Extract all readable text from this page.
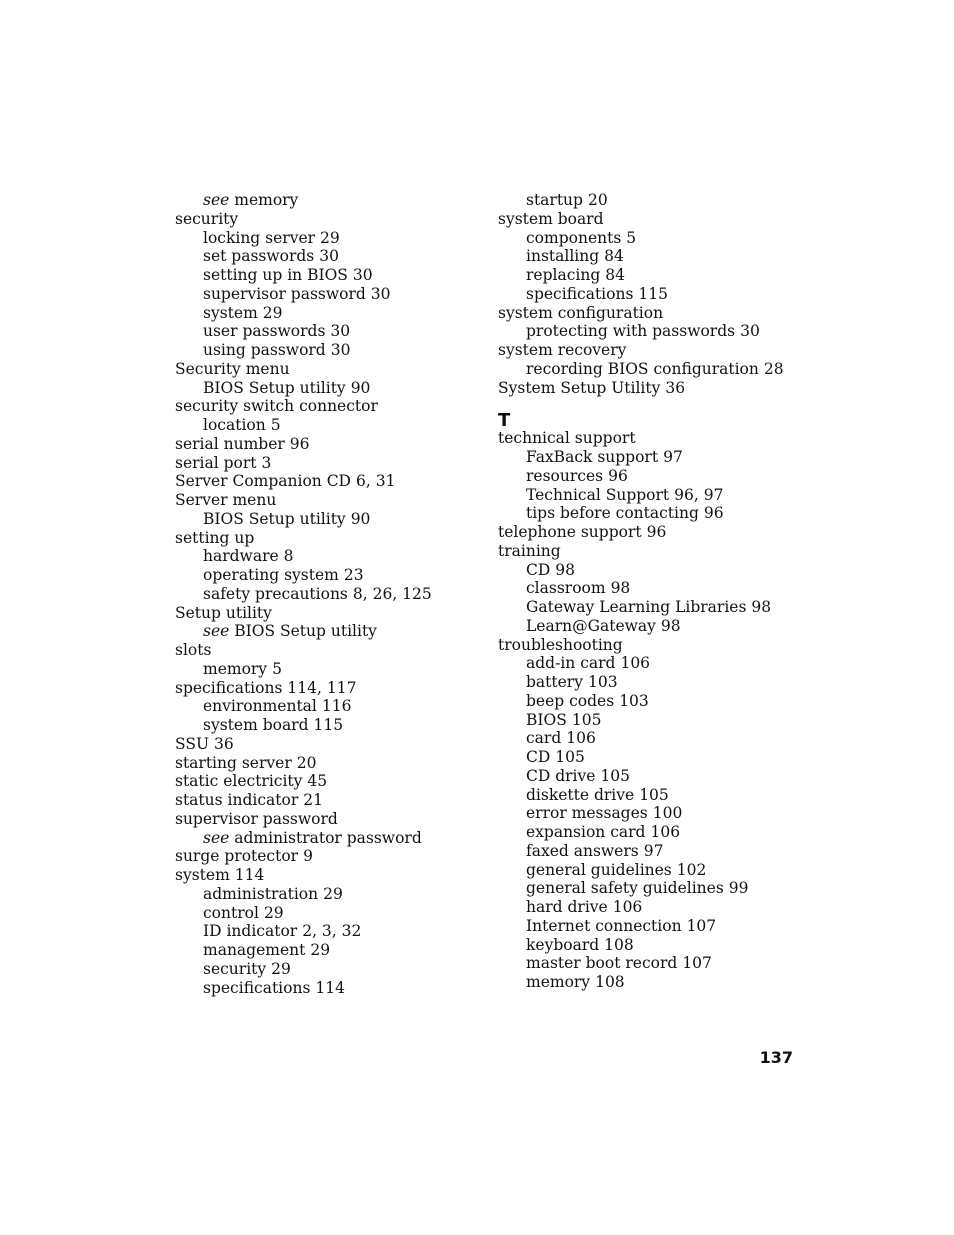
see memory
security
locking server 29
set passwords 30
setting up in BIOS 30
supervisor password 30
system 29
user passwords 30
using password 30
Security menu
BIOS Setup utility 90
security switch connector
location 5
serial number 96
serial port 3
Server Companion CD 6, 31
Server menu
BIOS Setup utility 90
setting up
hardware 8
operating system 23
safety precautions 8, 26, 125
Setup utility
see BIOS Setup utility
slots
memory 5
specifications 114, 117
environmental 116
system board 115
SSU 36
starting server 20
static electricity 45
status indicator 21
supervisor password
see administrator password
surge protector 9
system 114
administration 29
control 29
ID indicator 2, 3, 32
management 29
security 29
specifications 114
startup 20
system board
components 5
installing 84
replacing 84
specifications 115
system configuration
protecting with passwords 30
system recovery
recording BIOS configuration 28
System Setup Utility 36
T
technical support
FaxBack support 97
resources 96
Technical Support 96, 97
tips before contacting 96
telephone support 96
training
CD 98
classroom 98
Gateway Learning Libraries 98
Learn@Gateway 98
troubleshooting
add-in card 106
battery 103
beep codes 103
BIOS 105
card 106
CD 105
CD drive 105
diskette drive 105
error messages 100
expansion card 106
faxed answers 97
general guidelines 102
general safety guidelines 99
hard drive 106
Internet connection 107
keyboard 108
master boot record 107
memory 108
137
